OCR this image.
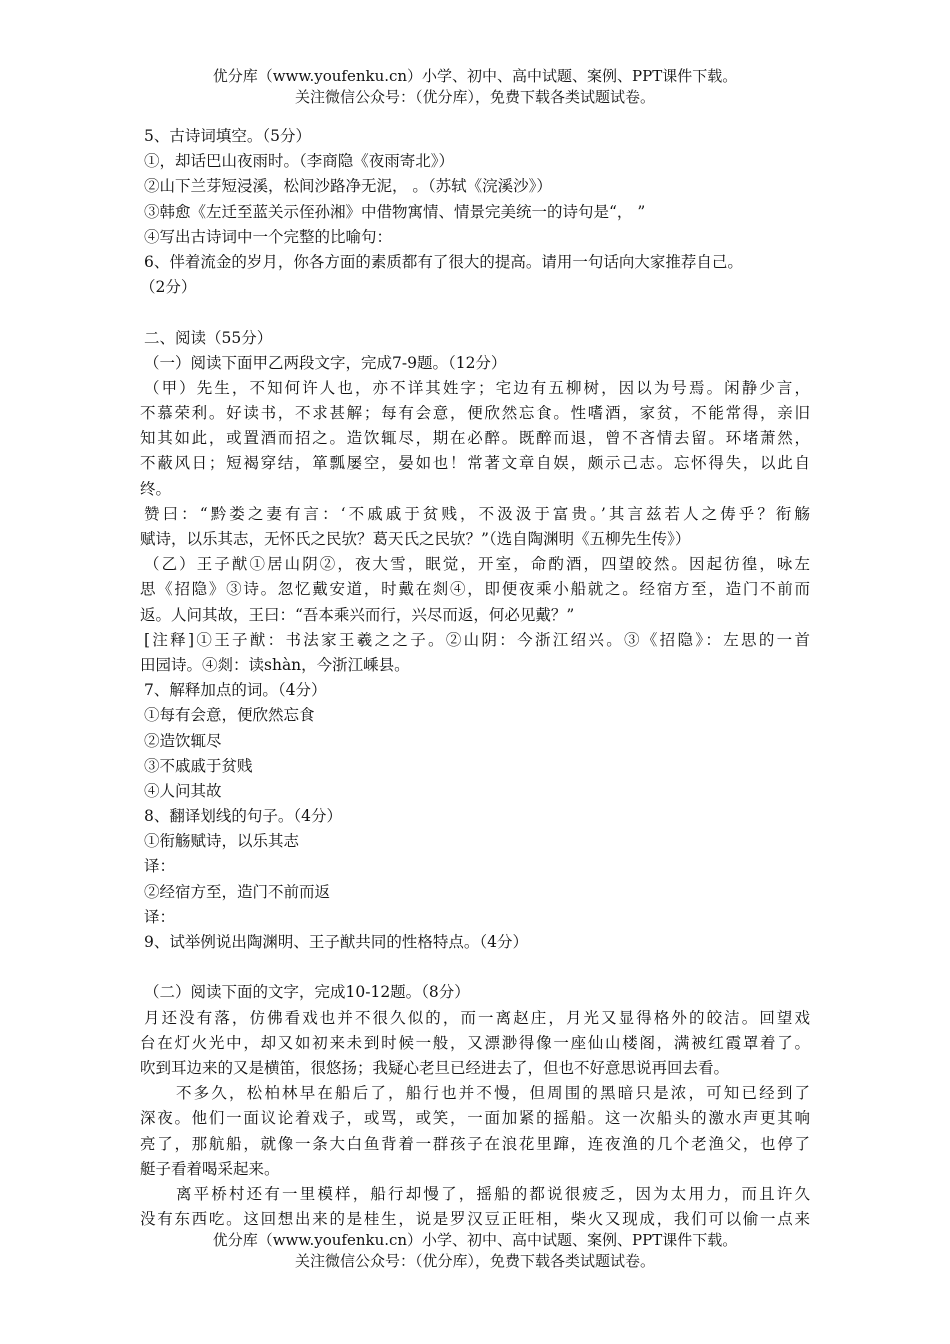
优分库（www.youfenku.cn）小学、初中、高中试题、案例、PPT课件下载。
关注微信公众号：（优分库），免费下载各类试题试卷。
5、古诗词填空。（5分）
①，却话巴山夜雨时。（李商隐《夜雨寄北》）
②山下兰芽短浸溪，松间沙路净无泥， 。（苏轼《浣溪沙》）
③韩愈《左迁至蓝关示侄孙湘》中借物寓情、情景完美统一的诗句是“， ”
④写出古诗词中一个完整的比喻句：
6、伴着流金的岁月，你各方面的素质都有了很大的提高。请用一句话向大家推荐自己。
（2分）
二、阅读（55分）
（一）阅读下面甲乙两段文字，完成7-9题。（12分）
（甲）先生，不知何许人也，亦不详其姓字；宅边有五柳树，因以为号焉。闲静少言，
不慕荣利。好读书，不求甚解；每有会意，便欣然忘食。性嗜酒，家贫，不能常得，亲旧
知其如此，或置酒而招之。造饮辄尽，期在必醉。既醉而退，曾不吝情去留。环堵萧然，
不蔽风日；短褐穿结，箪瓢屡空，晏如也！常著文章自娱，颇示己志。忘怀得失，以此自
终。
赞曰：“黔娄之妻有言：‘不戚戚于贫贱，不汲汲于富贵。’其言兹若人之俦乎？衔觞
赋诗，以乐其志，无怀氏之民欤？葛天氏之民欤？”（选自陶渊明《五柳先生传》）
（乙）王子猷①居山阴②，夜大雪，眠觉，开室，命酌酒，四望皎然。因起彷徨，咏左
思《招隐》③诗。忽忆戴安道，时戴在剡④，即便夜乘小船就之。经宿方至，造门不前而
返。人问其故，王曰：“吾本乘兴而行，兴尽而返，何必见戴？”
[注释]①王子猷：书法家王羲之之子。②山阴：今浙江绍兴。③《招隐》：左思的一首
田园诗。④剡：读shàn，今浙江嵊县。
7、解释加点的词。（4分）
①每有会意，便欣然忘食
②造饮辄尽
③不戚戚于贫贱
④人问其故
8、翻译划线的句子。（4分）
①衔觞赋诗，以乐其志
译：
②经宿方至，造门不前而返
译：
9、试举例说出陶渊明、王子猷共同的性格特点。（4分）
（二）阅读下面的文字，完成10-12题。（8分）
月还没有落，仿佛看戏也并不很久似的，而一离赵庄，月光又显得格外的皎洁。回望戏
台在灯火光中，却又如初来未到时候一般，又漂渺得像一座仙山楼阁，满被红霞罩着了。
吹到耳边来的又是横笛，很悠扬；我疑心老旦已经进去了，但也不好意思说再回去看。
不多久，松柏林早在船后了，船行也并不慢，但周围的黑暗只是浓，可知已经到了
深夜。他们一面议论着戏子，或骂，或笑，一面加紧的摇船。这一次船头的激水声更其响
亮了，那航船，就像一条大白鱼背着一群孩子在浪花里蹿，连夜渔的几个老渔父，也停了
艇子看着喝采起来。
离平桥村还有一里模样，船行却慢了，摇船的都说很疲乏，因为太用力，而且许久
没有东西吃。这回想出来的是桂生，说是罗汉豆正旺相，柴火又现成，我们可以偷一点来
优分库（www.youfenku.cn）小学、初中、高中试题、案例、PPT课件下载。
关注微信公众号：（优分库），免费下载各类试题试卷。
